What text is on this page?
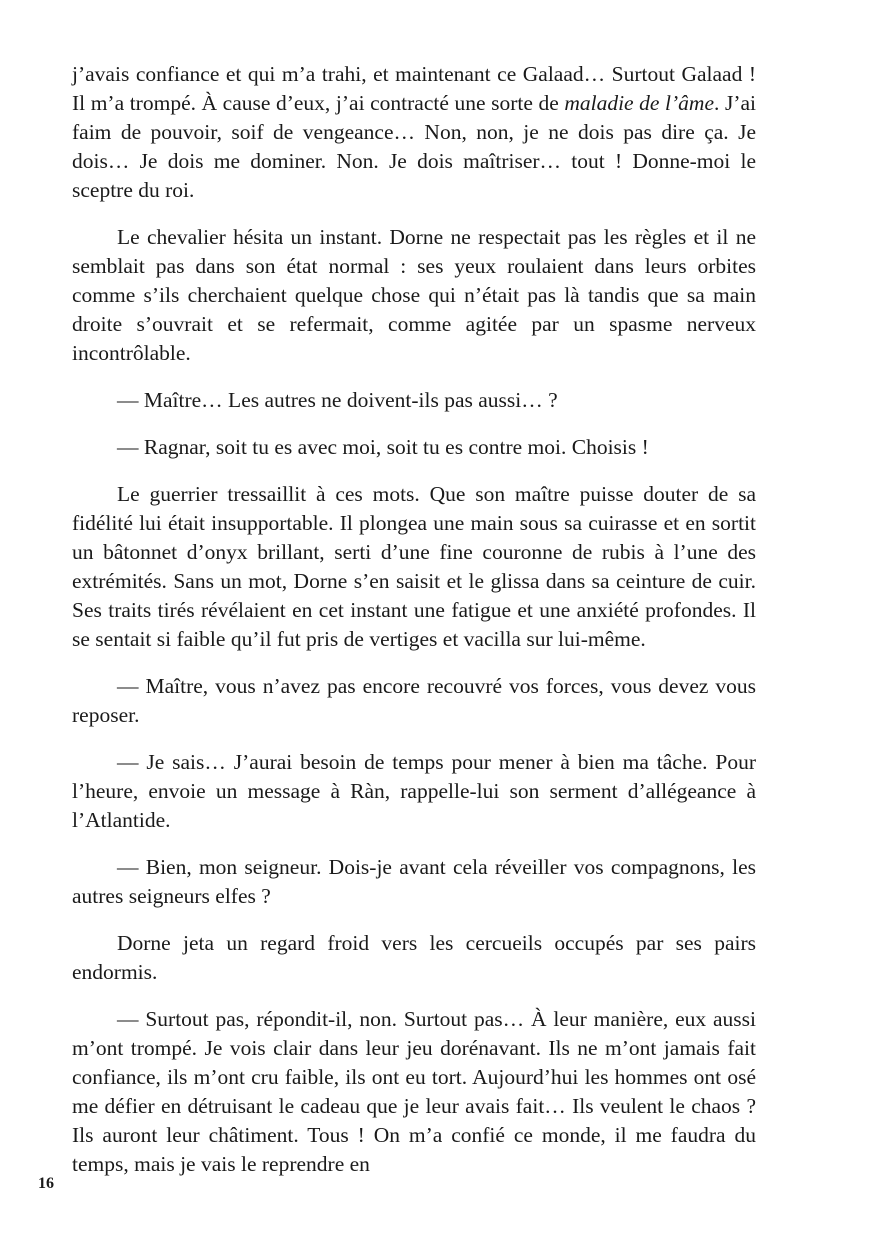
j’avais confiance et qui m’a trahi, et maintenant ce Galaad… Surtout Galaad ! Il m’a trompé. À cause d’eux, j’ai contracté une sorte de maladie de l’âme. J’ai faim de pouvoir, soif de vengeance… Non, non, je ne dois pas dire ça. Je dois… Je dois me dominer. Non. Je dois maîtriser… tout ! Donne-moi le sceptre du roi.

Le chevalier hésita un instant. Dorne ne respectait pas les règles et il ne semblait pas dans son état normal : ses yeux roulaient dans leurs orbites comme s’ils cherchaient quelque chose qui n’était pas là tandis que sa main droite s’ouvrait et se refermait, comme agitée par un spasme nerveux incontrôlable.

— Maître… Les autres ne doivent-ils pas aussi… ?

— Ragnar, soit tu es avec moi, soit tu es contre moi. Choisis !

Le guerrier tressaillit à ces mots. Que son maître puisse douter de sa fidélité lui était insupportable. Il plongea une main sous sa cuirasse et en sortit un bâtonnet d’onyx brillant, serti d’une fine couronne de rubis à l’une des extrémités. Sans un mot, Dorne s’en saisit et le glissa dans sa ceinture de cuir. Ses traits tirés révélaient en cet instant une fatigue et une anxiété profondes. Il se sentait si faible qu’il fut pris de vertiges et vacilla sur lui-même.

— Maître, vous n’avez pas encore recouvré vos forces, vous devez vous reposer.

— Je sais… J’aurai besoin de temps pour mener à bien ma tâche. Pour l’heure, envoie un message à Ràn, rappelle-lui son serment d’allégeance à l’Atlantide.

— Bien, mon seigneur. Dois-je avant cela réveiller vos compagnons, les autres seigneurs elfes ?

Dorne jeta un regard froid vers les cercueils occupés par ses pairs endormis.

— Surtout pas, répondit-il, non. Surtout pas… À leur manière, eux aussi m’ont trompé. Je vois clair dans leur jeu dorénavant. Ils ne m’ont jamais fait confiance, ils m’ont cru faible, ils ont eu tort. Aujourd’hui les hommes ont osé me défier en détruisant le cadeau que je leur avais fait… Ils veulent le chaos ? Ils auront leur châtiment. Tous ! On m’a confié ce monde, il me faudra du temps, mais je vais le reprendre en

16
